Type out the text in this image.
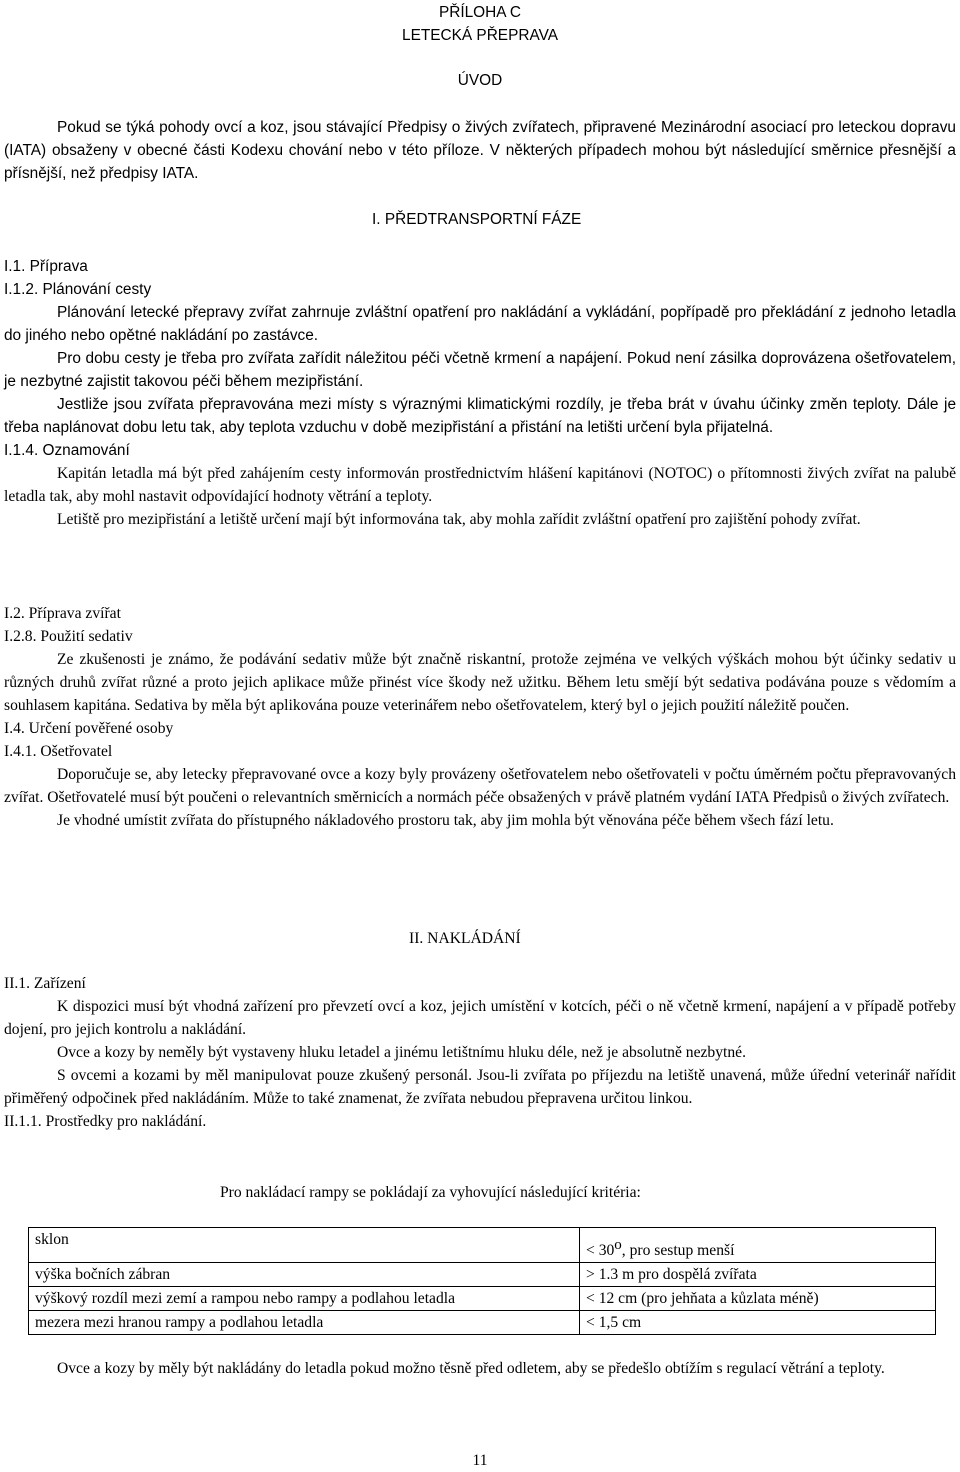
PŘÍLOHA C

LETECKÁ PŘEPRAVA

ÚVOD

Pokud se týká pohody ovcí a koz, jsou stávající Předpisy o živých zvířatech, připravené Mezinárodní asociací pro leteckou dopravu (IATA) obsaženy v obecné části Kodexu chování nebo v této příloze. V některých případech mohou být následující směrnice přesnější a přísnější, než předpisy IATA.

I. PŘEDTRANSPORTNÍ FÁZE

I.1. Příprava

I.1.2. Plánování cesty

Plánování letecké přepravy zvířat zahrnuje zvláštní opatření pro nakládání a vykládání, popřípadě pro překládání z jednoho letadla do jiného nebo opětné nakládání po zastávce.

Pro dobu cesty je třeba pro zvířata zařídit náležitou péči včetně krmení a napájení. Pokud není zásilka doprovázena ošetřovatelem, je nezbytné zajistit takovou péči během mezipřistání.

Jestliže jsou zvířata přepravována mezi místy s výraznými klimatickými rozdíly, je třeba brát v úvahu účinky změn teploty. Dále je třeba naplánovat dobu letu tak, aby teplota vzduchu v době mezipřistání a přistání na letišti určení byla přijatelná.

I.1.4. Oznamování

Kapitán letadla má být před zahájením cesty informován prostřednictvím hlášení kapitánovi (NOTOC) o přítomnosti živých zvířat na palubě letadla tak, aby mohl nastavit odpovídající hodnoty větrání a teploty.

Letiště pro mezipřistání a letiště určení mají být informována tak, aby mohla zařídit zvláštní opatření pro zajištění pohody zvířat.

I.2. Příprava zvířat

I.2.8. Použití sedativ

Ze zkušenosti je známo, že podávání sedativ může být značně riskantní, protože zejména ve velkých výškách mohou být účinky sedativ u různých druhů zvířat různé a proto jejich aplikace může přinést více škody než užitku. Během letu smějí být sedativa podávána pouze s vědomím a souhlasem kapitána. Sedativa by měla být aplikována pouze veterinářem nebo ošetřovatelem, který byl o jejich použití náležitě poučen.

I.4. Určení pověřené osoby

I.4.1. Ošetřovatel

Doporučuje se, aby letecky přepravované ovce a kozy byly provázeny ošetřovatelem nebo ošetřovateli v počtu úměrném počtu přepravovaných zvířat. Ošetřovatelé musí být poučeni o relevantních směrnicích a normách péče obsažených v právě platném vydání IATA Předpisů o živých zvířatech.

Je vhodné umístit zvířata do přístupného nákladového prostoru tak, aby jim mohla být věnována péče během všech fází letu.

II. NAKLÁDÁNÍ

II.1. Zařízení

K dispozici musí být vhodná zařízení pro převzetí ovcí a koz, jejich umístění v kotcích, péči o ně včetně krmení, napájení a v případě potřeby dojení, pro jejich kontrolu a nakládání.

Ovce a kozy by neměly být vystaveny hluku letadel a jinému letištnímu hluku déle, než je absolutně nezbytné.

S ovcemi a kozami by měl manipulovat pouze zkušený personál. Jsou-li zvířata po příjezdu na letiště unavená, může úřední veterinář nařídit přiměřený odpočinek před nakládáním. Může to také znamenat, že zvířata nebudou přepravena určitou linkou.

II.1.1. Prostředky pro nakládání.

Pro nakládací rampy se pokládají za vyhovující následující kritéria:

Ovce a kozy by měly být nakládány do letadla pokud možno těsně před odletem, aby se předešlo obtížím s regulací větrání a teploty.

sklon	< $30^o$, pro sestup menší
výška bočních zábran	> 1.3 m pro dospělá zvířata
výškový rozdíl mezi zemí a rampou nebo rampy a podlahou letadla	< 12 cm (pro jehňata a kůzlata méně)
mezera mezi hranou rampy a podlahou letadla	< 1,5 cm
11
